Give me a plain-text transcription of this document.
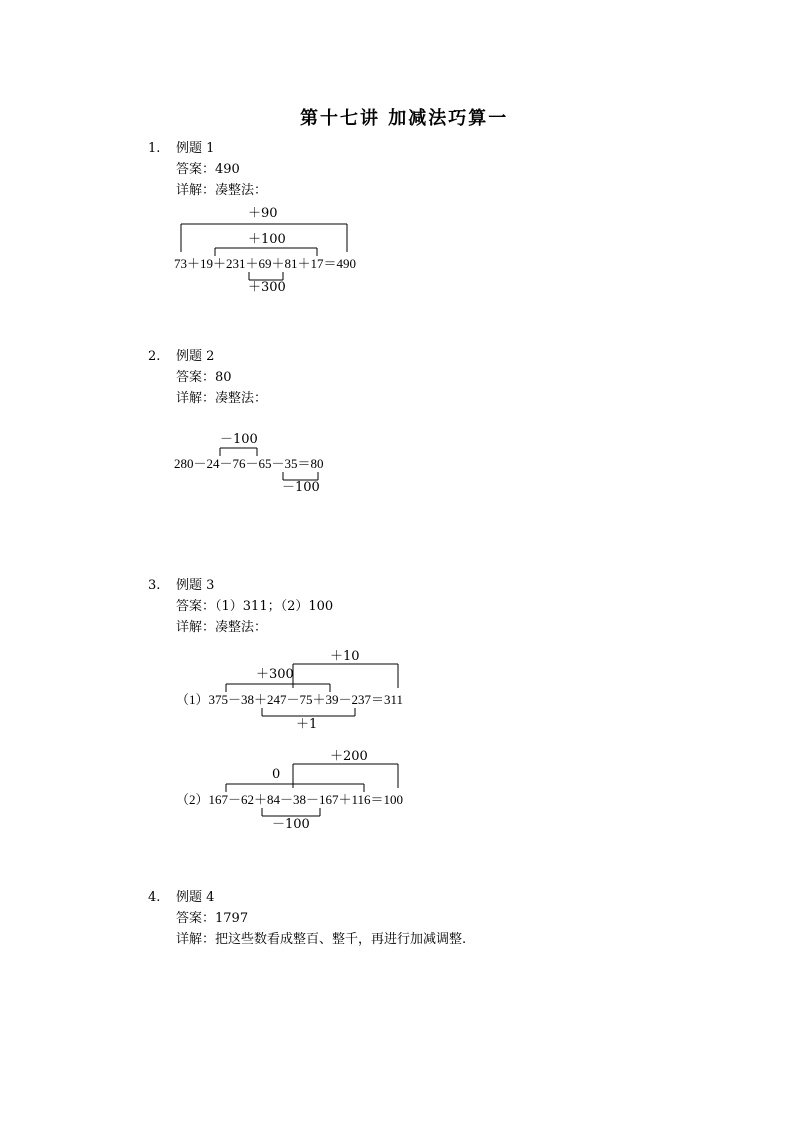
第十七讲 加减法巧算一
1. 例题 1
答案：490
详解：凑整法：
＋90
＋100
73＋19＋231＋69＋81＋17＝490
＋300
2. 例题 2
答案：80
详解：凑整法：
－100
280－24－76－65－35＝80
－100
3. 例题 3
答案：（1）311；（2）100
详解：凑整法：
＋10
＋300
（1）375－38＋247－75＋39－237＝311
＋1
＋200
0
（2）167－62＋84－38－167＋116＝100
－100
4. 例题 4
答案：1797
详解：把这些数看成整百、整千，再进行加减调整.
